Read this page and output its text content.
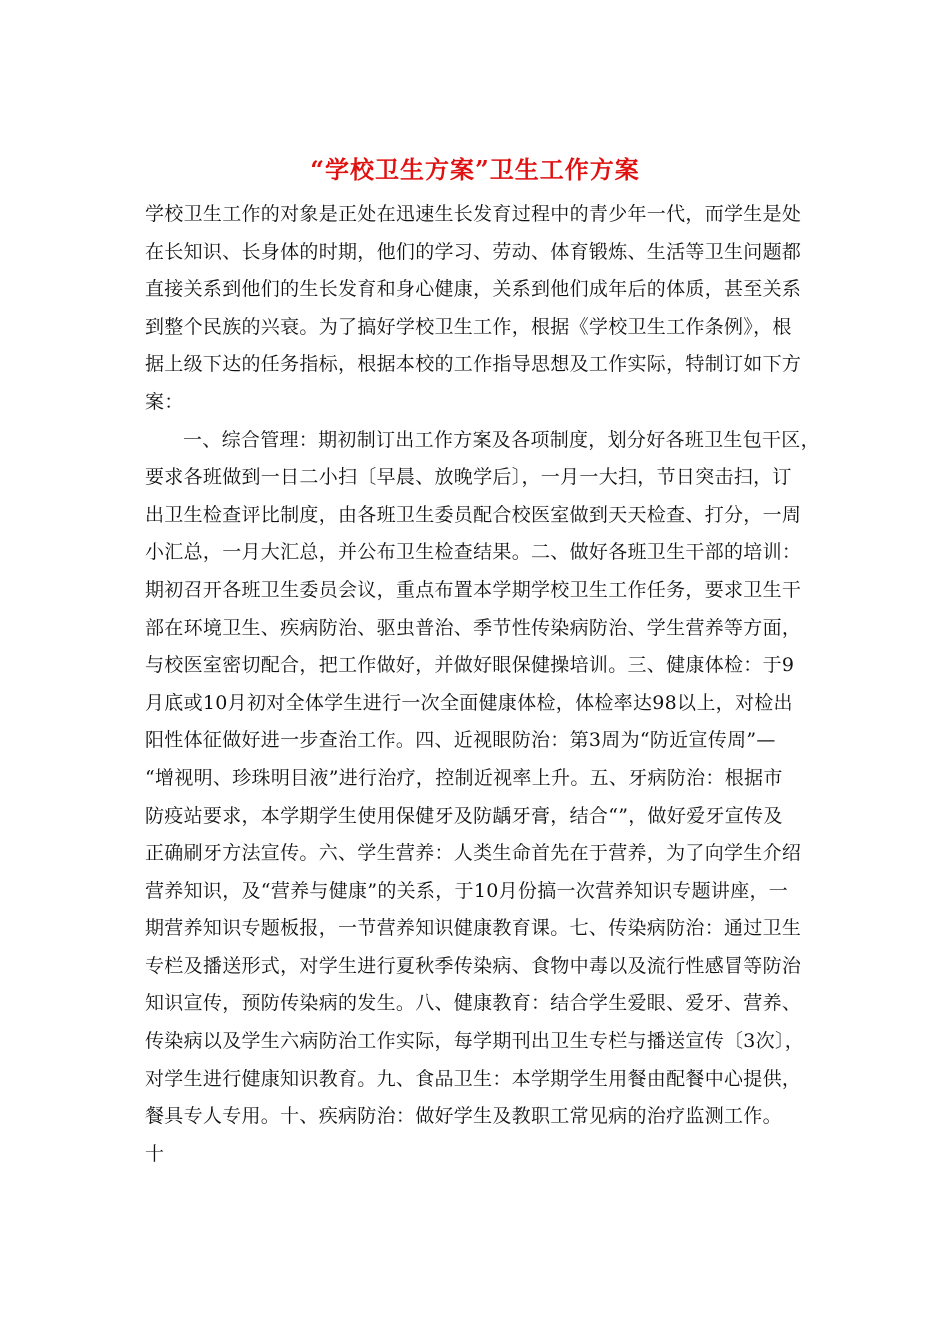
“学校卫生方案”卫生工作方案
学校卫生工作的对象是正处在迅速生长发育过程中的青少年一代，而学生是处
在长知识、长身体的时期，他们的学习、劳动、体育锻炼、生活等卫生问题都
直接关系到他们的生长发育和身心健康，关系到他们成年后的体质，甚至关系
到整个民族的兴衰。为了搞好学校卫生工作，根据《学校卫生工作条例》，根
据上级下达的任务指标，根据本校的工作指导思想及工作实际，特制订如下方
案：
一、综合管理：期初制订出工作方案及各项制度，划分好各班卫生包干区，
要求各班做到一日二小扫〔早晨、放晚学后〕，一月一大扫，节日突击扫，订
出卫生检查评比制度，由各班卫生委员配合校医室做到天天检查、打分，一周
小汇总，一月大汇总，并公布卫生检查结果。二、做好各班卫生干部的培训：
期初召开各班卫生委员会议，重点布置本学期学校卫生工作任务，要求卫生干
部在环境卫生、疾病防治、驱虫普治、季节性传染病防治、学生营养等方面，
与校医室密切配合，把工作做好，并做好眼保健操培训。三、健康体检：于9
月底或10月初对全体学生进行一次全面健康体检，体检率达98以上，对检出
阳性体征做好进一步查治工作。四、近视眼防治：第3周为“防近宣传周”—
“增视明、珍珠明目液”进行治疗，控制近视率上升。五、牙病防治：根据市
防疫站要求，本学期学生使用保健牙及防龋牙膏，结合“”，做好爱牙宣传及
正确刷牙方法宣传。六、学生营养：人类生命首先在于营养，为了向学生介绍
营养知识，及“营养与健康”的关系，于10月份搞一次营养知识专题讲座，一
期营养知识专题板报，一节营养知识健康教育课。七、传染病防治：通过卫生
专栏及播送形式，对学生进行夏秋季传染病、食物中毒以及流行性感冒等防治
知识宣传，预防传染病的发生。八、健康教育：结合学生爱眼、爱牙、营养、
传染病以及学生六病防治工作实际，每学期刊出卫生专栏与播送宣传〔3次〕，
对学生进行健康知识教育。九、食品卫生：本学期学生用餐由配餐中心提供，
餐具专人专用。十、疾病防治：做好学生及教职工常见病的治疗监测工作。
十
